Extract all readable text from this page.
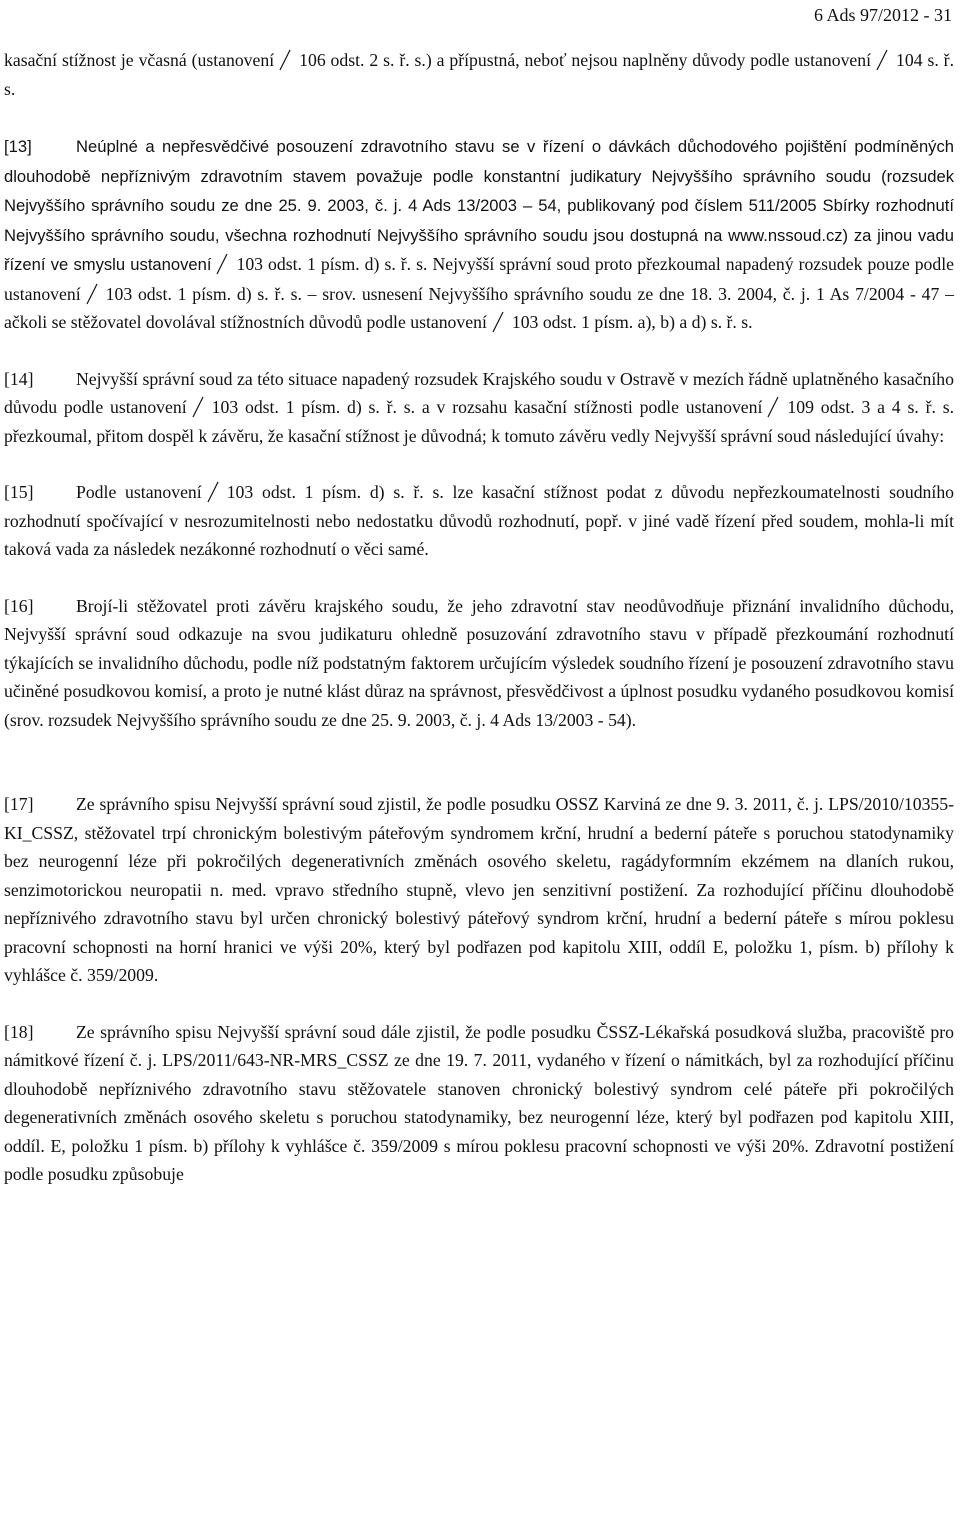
6 Ads 97/2012 - 31

kasační stížnost je včasná (ustanovení 106 odst. 2 s. ř. s.) a přípustná, neboť nejsou naplněny důvody podle ustanovení 104 s. ř. s.

[13]	Neúplné a nepřesvědčivé posouzení zdravotního stavu se v řízení o dávkách důchodového pojištění podmíněných dlouhodobě nepříznivým zdravotním stavem považuje podle konstantní judikatury Nejvyššího správního soudu (rozsudek Nejvyššího správního soudu ze dne 25. 9. 2003, č. j. 4 Ads 13/2003 – 54, publikovaný pod číslem 511/2005 Sbírky rozhodnutí Nejvyššího správního soudu, všechna rozhodnutí Nejvyššího správního soudu jsou dostupná na www.nssoud.cz) za jinou vadu řízení ve smyslu ustanovení 103 odst. 1 písm. d) s. ř. s. Nejvyšší správní soud proto přezkoumal napadený rozsudek pouze podle ustanovení 103 odst. 1 písm. d) s. ř. s. – srov. usnesení Nejvyššího správního soudu ze dne 18. 3. 2004, č. j. 1 As 7/2004 - 47 – ačkoli se stěžovatel dovolával stížnostních důvodů podle ustanovení 103 odst. 1 písm. a), b) a d) s. ř. s.

[14] Nejvyšší správní soud za této situace napadený rozsudek Krajského soudu v Ostravě v mezích řádně uplatněného kasačního důvodu podle ustanovení 103 odst. 1 písm. d) s. ř. s. a v rozsahu kasační stížnosti podle ustanovení 109 odst. 3 a 4 s. ř. s. přezkoumal, přitom dospěl k závěru, že kasační stížnost je důvodná; k tomuto závěru vedly Nejvyšší správní soud následující úvahy:

[15] Podle ustanovení 103 odst. 1 písm. d) s. ř. s. lze kasační stížnost podat z důvodu nepřezkoumatelnosti soudního rozhodnutí spočívající v nesrozumitelnosti nebo nedostatku důvodů rozhodnutí, popř. v jiné vadě řízení před soudem, mohla-li mít taková vada za následek nezákonné rozhodnutí o věci samé.

[16] Brojí-li stěžovatel proti závěru krajského soudu, že jeho zdravotní stav neodůvodňuje přiznání invalidního důchodu, Nejvyšší správní soud odkazuje na svou judikaturu ohledně posuzování zdravotního stavu v případě přezkoumání rozhodnutí týkajících se invalidního důchodu, podle níž podstatným faktorem určujícím výsledek soudního řízení je posouzení zdravotního stavu učiněné posudkovou komisí, a proto je nutné klást důraz na správnost, přesvědčivost a úplnost posudku vydaného posudkovou komisí (srov. rozsudek Nejvyššího správního soudu ze dne 25. 9. 2003, č. j. 4 Ads 13/2003 - 54).

[17] Ze správního spisu Nejvyšší správní soud zjistil, že podle posudku OSSZ Karviná ze dne 9. 3. 2011, č. j. LPS/2010/10355-KI_CSSZ, stěžovatel trpí chronickým bolestivým páteřovým syndromem krční, hrudní a bederní páteře s poruchou statodynamiky bez neurogenní léze při pokročilých degenerativních změnách osového skeletu, ragádyformním ekzémem na dlaních rukou, senzimotorickou neuropatii n. med. vpravo středního stupně, vlevo jen senzitivní postižení. Za rozhodující příčinu dlouhodobě nepříznivého zdravotního stavu byl určen chronický bolestivý páteřový syndrom krční, hrudní a bederní páteře s mírou poklesu pracovní schopnosti na horní hranici ve výši 20%, který byl podřazen pod kapitolu XIII, oddíl E, položku 1, písm. b) přílohy k vyhlášce č. 359/2009.

[18] Ze správního spisu Nejvyšší správní soud dále zjistil, že podle posudku ČSSZ-Lékařská posudková služba, pracoviště pro námitkové řízení č. j. LPS/2011/643-NR-MRS_CSSZ ze dne 19. 7. 2011, vydaného v řízení o námitkách, byl za rozhodující příčinu dlouhodobě nepříznivého zdravotního stavu stěžovatele stanoven chronický bolestivý syndrom celé páteře při pokročilých degenerativních změnách osového skeletu s poruchou statodynamiky, bez neurogenní léze, který byl podřazen pod kapitolu XIII, oddíl. E, položku 1 písm. b) přílohy k vyhlášce č. 359/2009 s mírou poklesu pracovní schopnosti ve výši 20%. Zdravotní postižení podle posudku způsobuje
